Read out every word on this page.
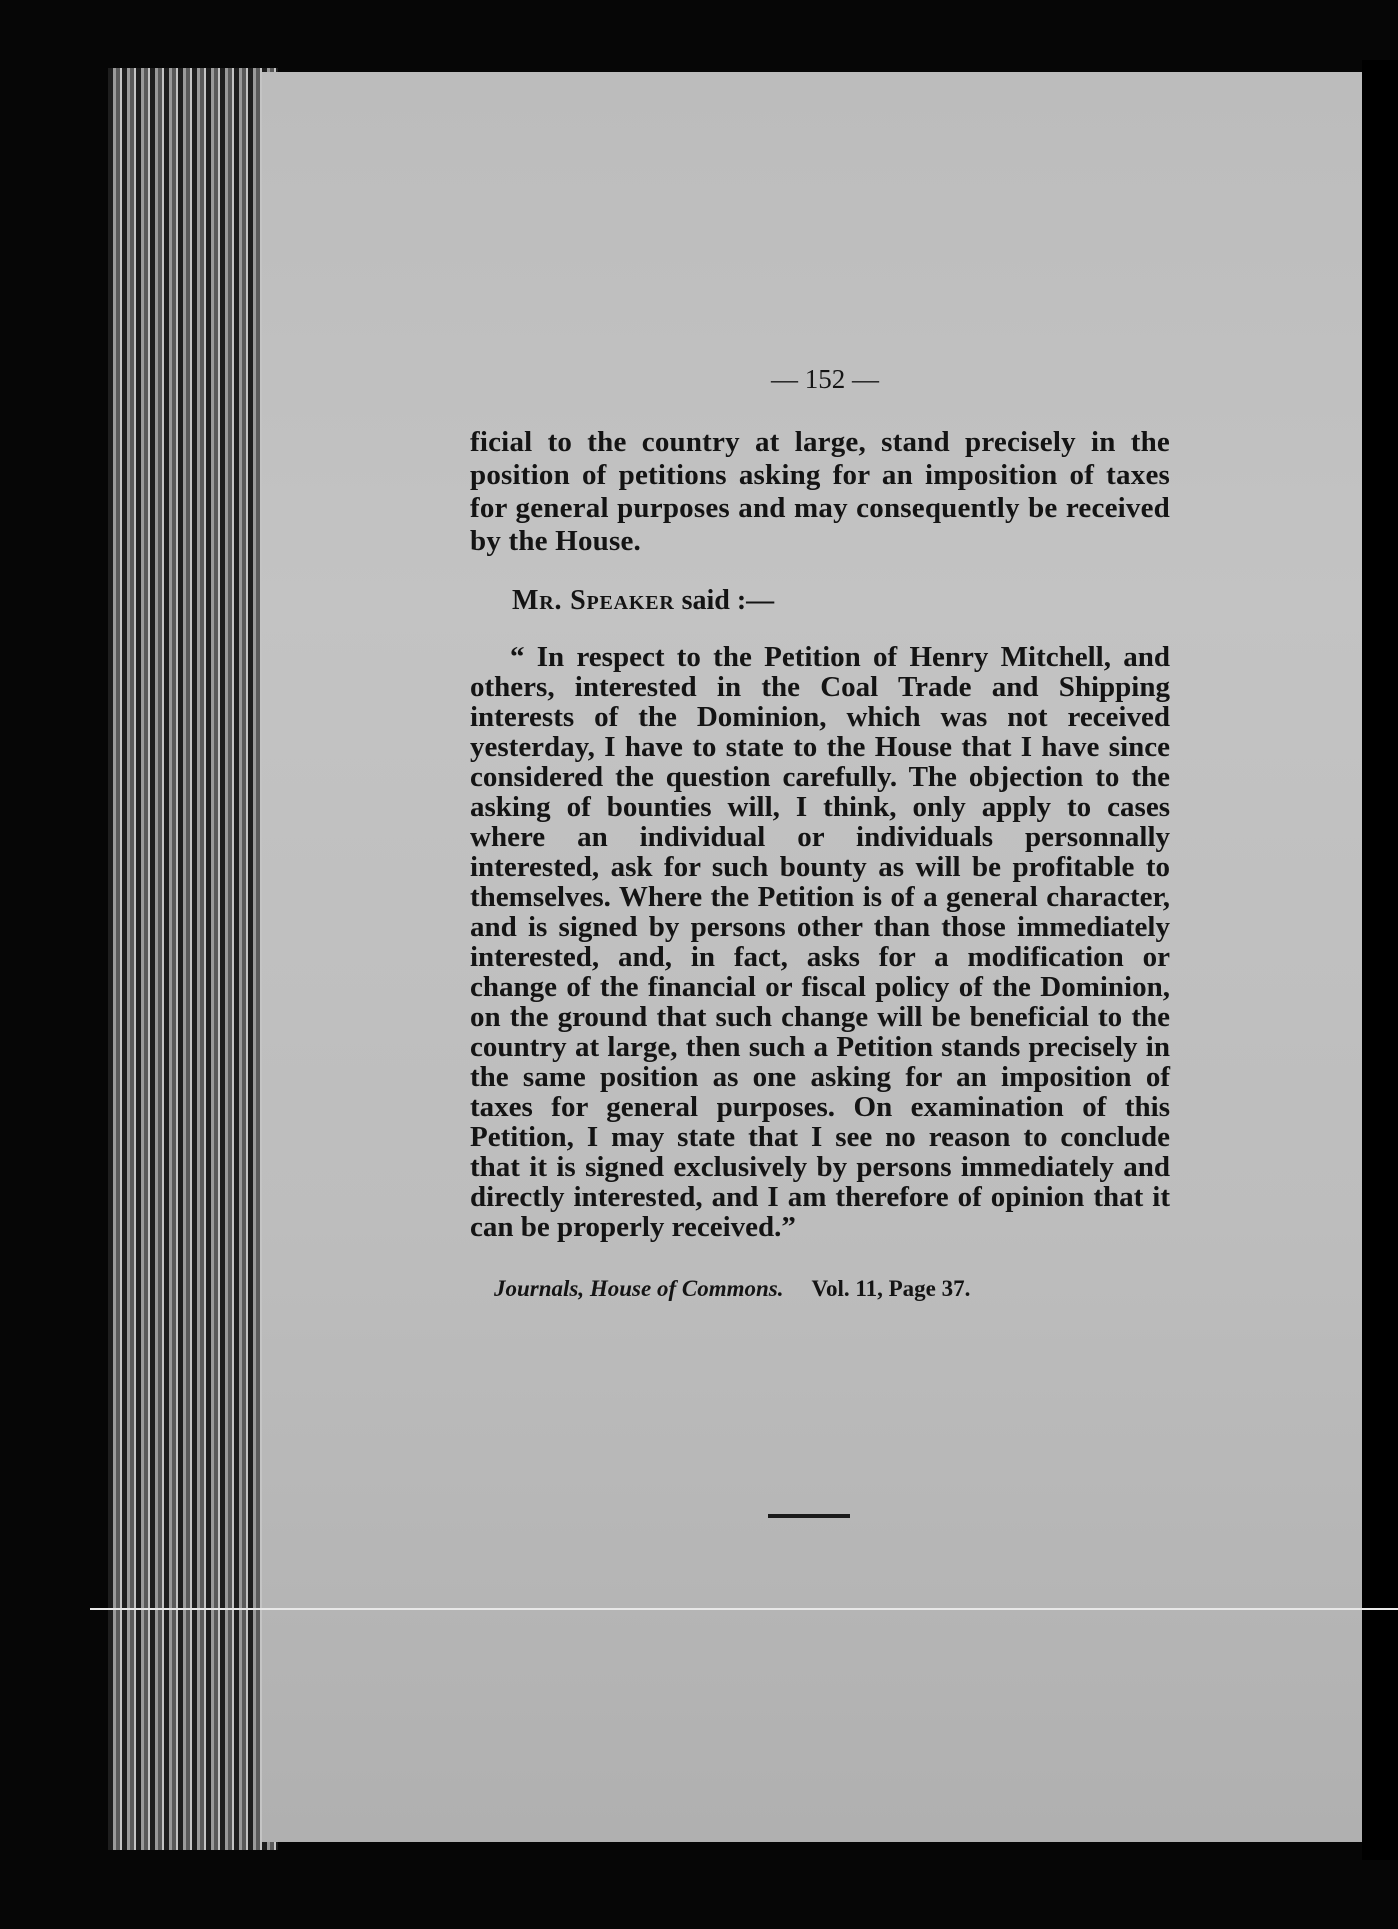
— 152 —

ficial to the country at large, stand precisely in the position of petitions asking for an imposition of taxes for general purposes and may consequently be received by the House.

Mr. Speaker said :—

“ In respect to the Petition of Henry Mitchell, and others, interested in the Coal Trade and Shipping interests of the Dominion, which was not received yesterday, I have to state to the House that I have since considered the question carefully. The objection to the asking of bounties will, I think, only apply to cases where an individual or individuals personnally interested, ask for such bounty as will be profitable to themselves. Where the Petition is of a general character, and is signed by persons other than those immediately interested, and, in fact, asks for a modification or change of the financial or fiscal policy of the Dominion, on the ground that such change will be beneficial to the country at large, then such a Petition stands precisely in the same position as one asking for an imposition of taxes for general purposes. On examination of this Petition, I may state that I see no reason to conclude that it is signed exclusively by persons immediately and directly interested, and I am therefore of opinion that it can be properly received.”

Journals, House of Commons. Vol. 11, Page 37.
